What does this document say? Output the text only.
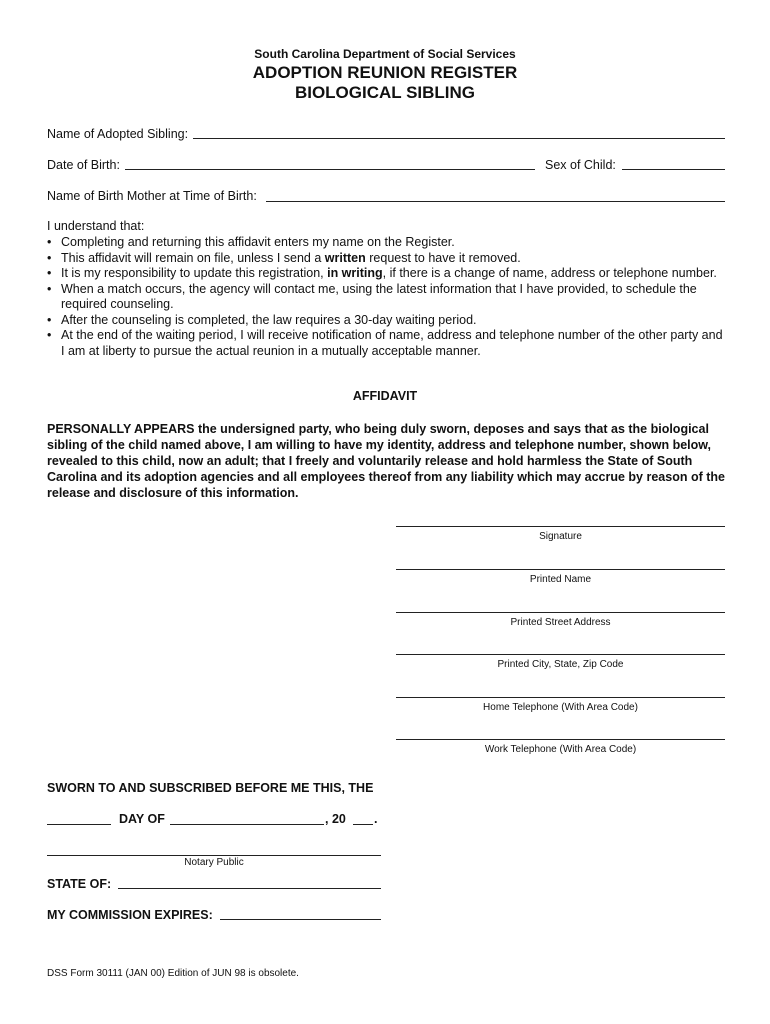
South Carolina Department of Social Services
ADOPTION REUNION REGISTER
BIOLOGICAL SIBLING
Name of Adopted Sibling:
Date of Birth:	Sex of Child:
Name of Birth Mother at Time of Birth:
I understand that:
• Completing and returning this affidavit enters my name on the Register.
• This affidavit will remain on file, unless I send a written request to have it removed.
• It is my responsibility to update this registration, in writing, if there is a change of name, address or telephone number.
• When a match occurs, the agency will contact me, using the latest information that I have provided, to schedule the required counseling.
• After the counseling is completed, the law requires a 30-day waiting period.
• At the end of the waiting period, I will receive notification of name, address and telephone number of the other party and I am at liberty to pursue the actual reunion in a mutually acceptable manner.
AFFIDAVIT
PERSONALLY APPEARS the undersigned party, who being duly sworn, deposes and says that as the biological sibling of the child named above, I am willing to have my identity, address and telephone number, shown below, revealed to this child, now an adult; that I freely and voluntarily release and hold harmless the State of South Carolina and its adoption agencies and all employees thereof from any liability which may accrue by reason of the release and disclosure of this information.
Signature
Printed Name
Printed Street Address
Printed City, State, Zip Code
Home Telephone (With Area Code)
Work Telephone (With Area Code)
SWORN TO AND SUBSCRIBED BEFORE ME THIS, THE
DAY OF	, 20 .
Notary Public
STATE OF:
MY COMMISSION EXPIRES:
DSS Form 30111 (JAN 00) Edition of JUN 98 is obsolete.
